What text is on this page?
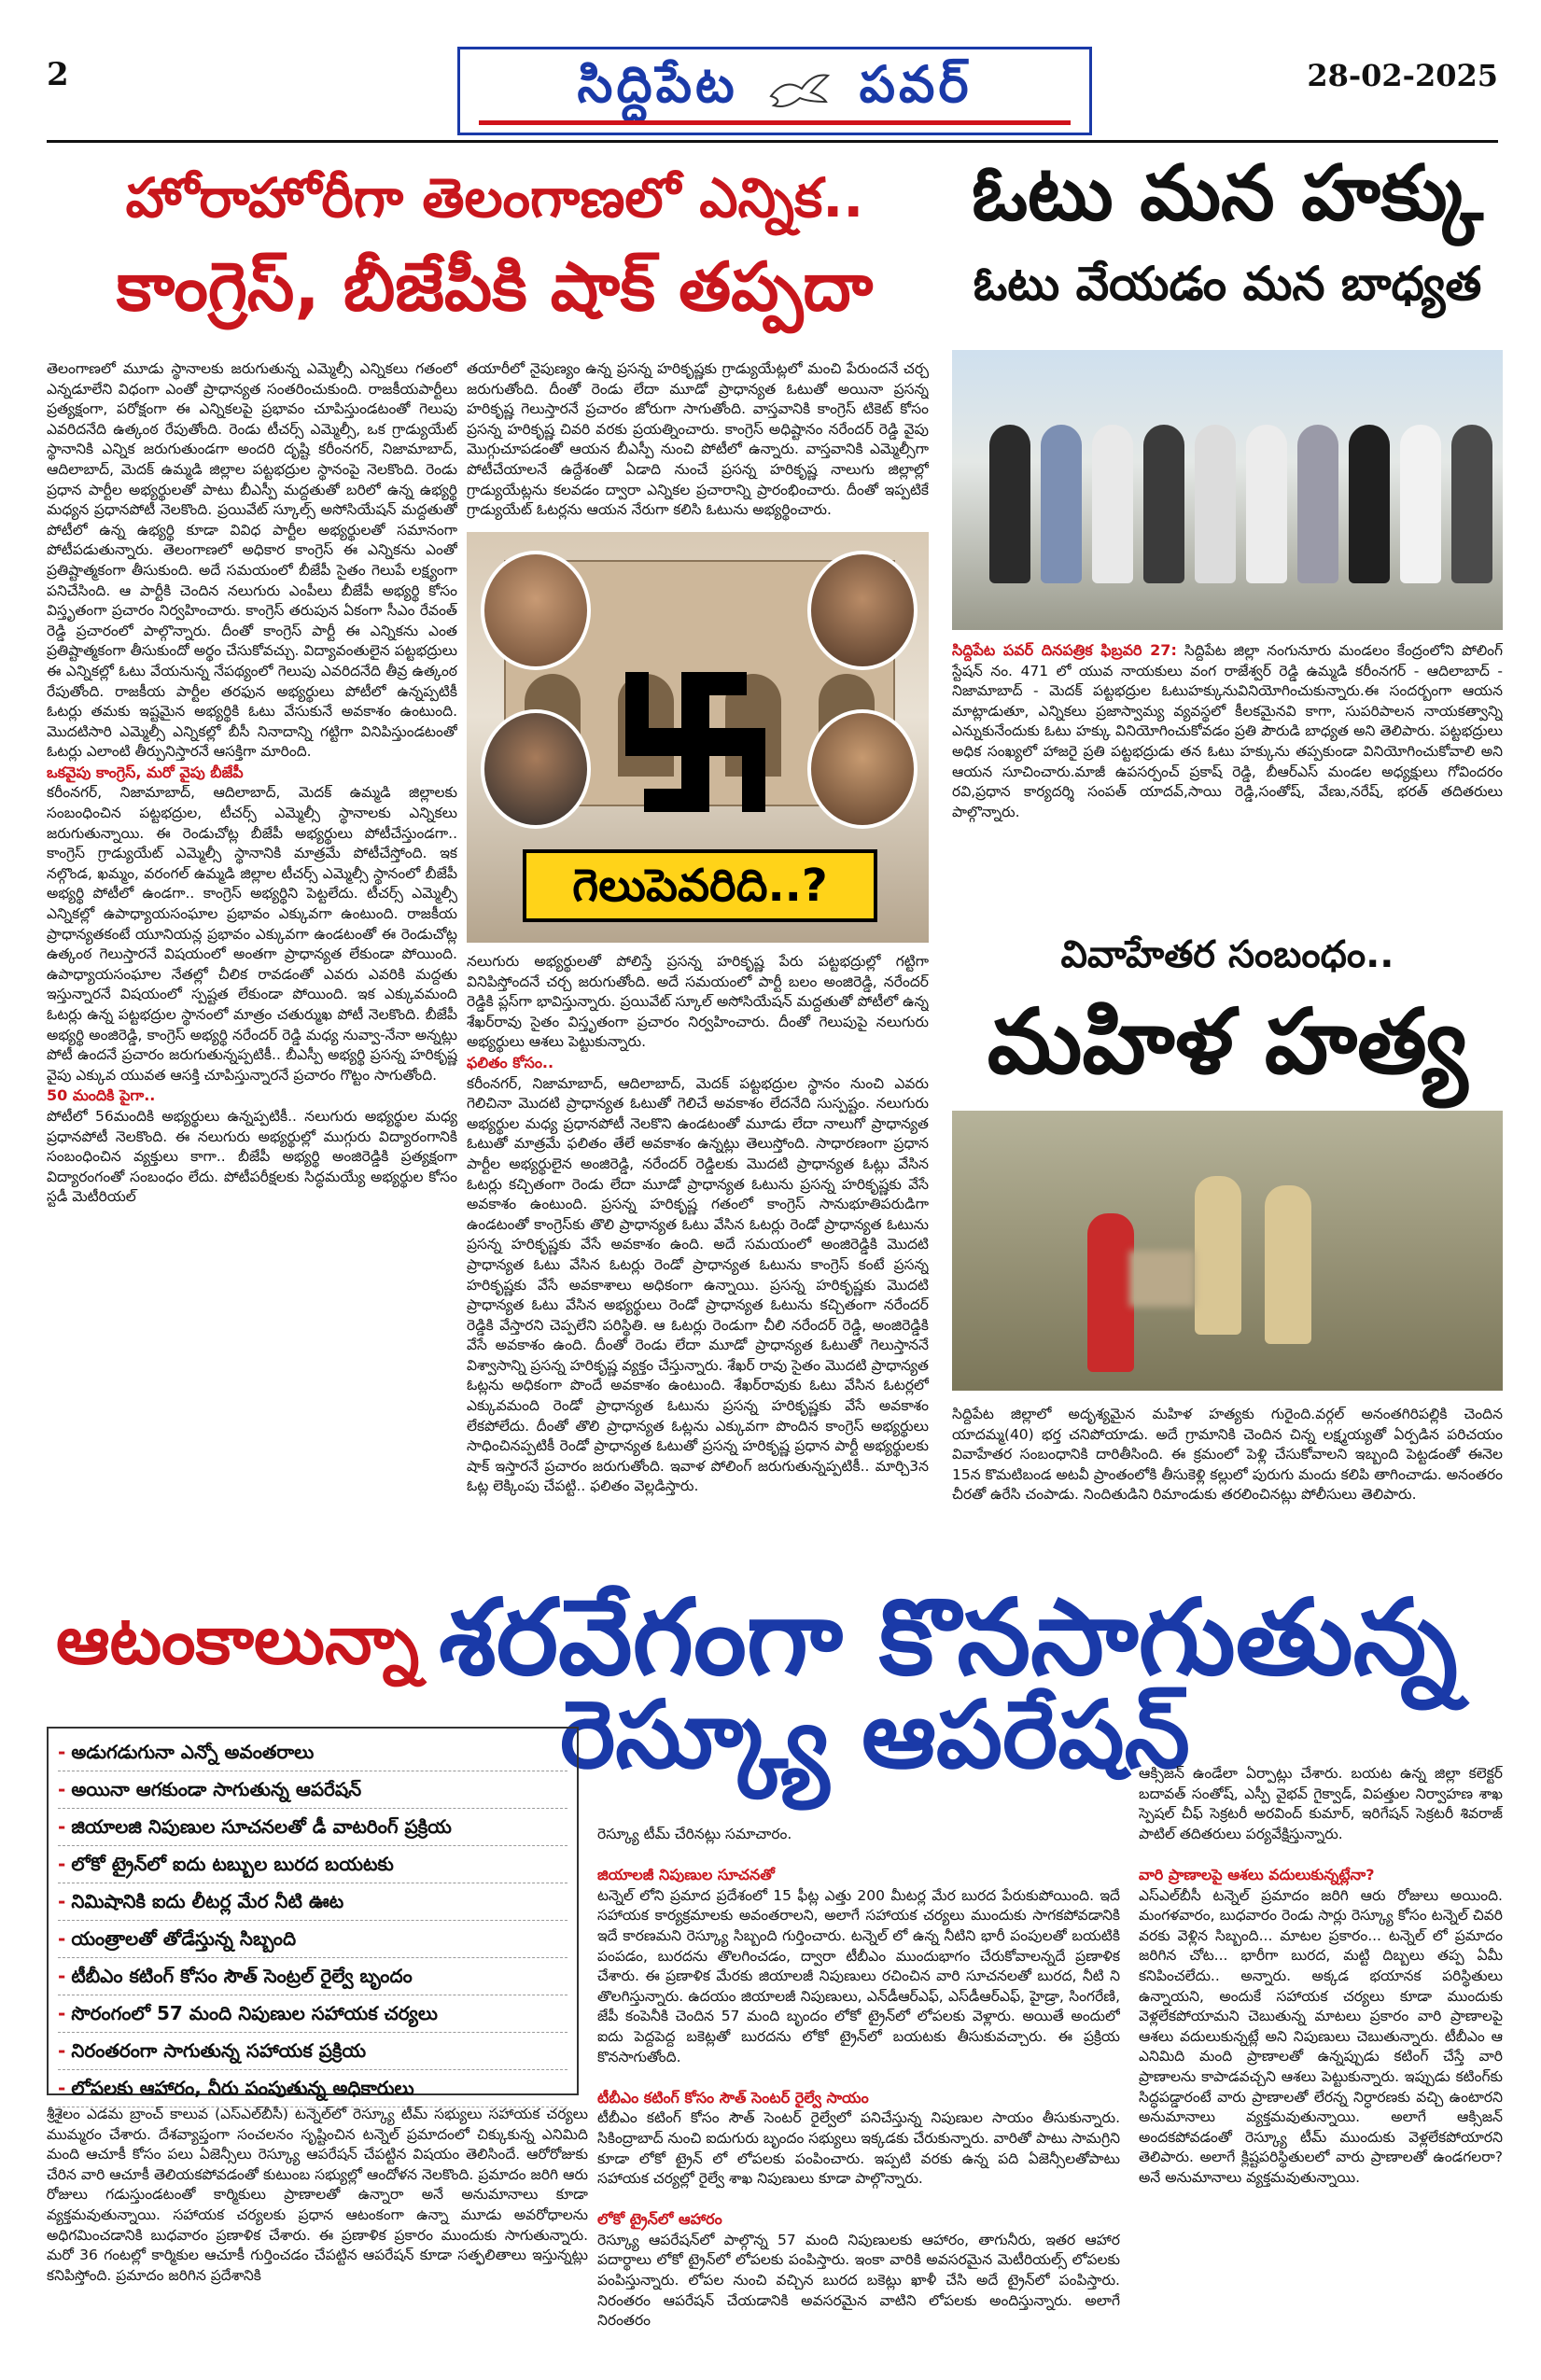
2	సిద్దిపేట పవర్	28-02-2025
హోరాహోరీగా తెలంగాణలో ఎన్నిక..
కాంగ్రెస్, బీజేపీకి షాక్ తప్పదా
ఓటు మన హక్కు
ఓటు వేయడం మన బాధ్యత
తెలంగాణలో మూడు స్థానాలకు జరుగుతున్న ఎమ్మెల్సీ ఎన్నికలు గతంలో ఎన్నడూలేని విధంగా ఎంతో ప్రాధాన్యత సంతరించుకుంది. రాజకీయపార్టీలు ప్రత్యక్షంగా, పరోక్షంగా ఈ ఎన్నికలపై ప్రభావం చూపిస్తుండటంతో గెలుపు ఎవరిదనేది ఉత్కంఠ రేపుతోంది. రెండు టీచర్స్ ఎమ్మెల్సీ, ఒక గ్రాడ్యుయేట్ స్థానానికి ఎన్నిక జరుగుతుండగా అందరి దృష్టి కరీంనగర్, నిజామాబాద్, ఆదిలాబాద్, మెదక్ ఉమ్మడి జిల్లాల పట్టభద్రుల స్థానంపై నెలకొంది. రెండు ప్రధాన పార్టీల అభ్యర్థులతో పాటు బీఎస్పీ మద్దతుతో బరిలో ఉన్న ఉభ్యర్థి మధ్యన ప్రధానపోటీ నెలకొంది. ప్రయివేట్ స్కూల్స్ అసోసియేషన్ మద్దతుతో పోటీలో ఉన్న ఉభ్యర్థి కూడా వివిధ పార్టీల అభ్యర్థులతో సమానంగా పోటీపడుతున్నారు. తెలంగాణలో అధికార కాంగ్రెస్ ఈ ఎన్నికను ఎంతో ప్రతిష్టాత్మకంగా తీసుకుంది. అదే సమయంలో బీజేపీ సైతం గెలుపే లక్ష్యంగా పనిచేసింది. ఆ పార్టీకి చెందిన నలుగురు ఎంపీలు బీజేపీ అభ్యర్థి కోసం విస్తృతంగా ప్రచారం నిర్వహించారు. కాంగ్రెస్ తరుపున ఏకంగా సీఎం రేవంత్ రెడ్డి ప్రచారంలో పాల్గొన్నారు. దీంతో కాంగ్రెస్ పార్టీ ఈ ఎన్నికను ఎంత ప్రతిష్టాత్మకంగా తీసుకుందో అర్థం చేసుకోవచ్చు. విద్యావంతులైన పట్టభద్రులు ఈ ఎన్నికల్లో ఓటు వేయనున్న నేపథ్యంలో గెలుపు ఎవరిదనేది తీవ్ర ఉత్కంఠ రేపుతోంది. రాజకీయ పార్టీల తరఫున అభ్యర్థులు పోటీలో ఉన్నప్పటికీ ఓటర్లు తమకు ఇష్టమైన అభ్యర్థికి ఓటు వేసుకునే అవకాశం ఉంటుంది. మొదటిసారి ఎమ్మెల్సీ ఎన్నికల్లో బీసీ నినాదాన్ని గట్టిగా వినిపిస్తుండటంతో ఓటర్లు ఎలాంటి తీర్పునిస్తారనే ఆసక్తిగా మారింది.
ఒకవైపు కాంగ్రెస్, మరో వైపు బీజేపీ
కరీంనగర్, నిజామాబాద్, ఆదిలాబాద్, మెదక్ ఉమ్మడి జిల్లాలకు సంబంధించిన పట్టభద్రుల, టీచర్స్ ఎమ్మెల్సీ స్థానాలకు ఎన్నికలు జరుగుతున్నాయి. ఈ రెండుచోట్ల బీజేపీ అభ్యర్థులు పోటీచేస్తుండగా.. కాంగ్రెస్ గ్రాడ్యుయేట్ ఎమ్మెల్సీ స్థానానికి మాత్రమే పోటీచేస్తోంది. ఇక నల్గొండ, ఖమ్మం, వరంగల్ ఉమ్మడి జిల్లాల టీచర్స్ ఎమ్మెల్సీ స్థానంలో బీజేపీ అభ్యర్థి పోటీలో ఉండగా.. కాంగ్రెస్ అభ్యర్థిని పెట్టలేదు. టీచర్స్ ఎమ్మెల్సీ ఎన్నికల్లో ఉపాధ్యాయసంఘాల ప్రభావం ఎక్కువగా ఉంటుంది. రాజకీయ ప్రాధాన్యతకంటే యూనియన్ల ప్రభావం ఎక్కువగా ఉండటంతో ఈ రెండుచోట్ల ఉత్కంఠ గెలుస్తారనే విషయంలో అంతగా ప్రాధాన్యత లేకుండా పోయింది. ఉపాధ్యాయసంఘాల నేతల్లో చీలిక రావడంతో ఎవరు ఎవరికి మద్దతు ఇస్తున్నారనే విషయంలో స్పష్టత లేకుండా పోయింది. ఇక ఎక్కువమంది ఓటర్లు ఉన్న పట్టభద్రుల స్థానంలో మాత్రం చతుర్ముఖ పోటీ నెలకొంది. బీజేపీ అభ్యర్థి అంజిరెడ్డి, కాంగ్రెస్ అభ్యర్థి నరేందర్ రెడ్డి మధ్య నువ్వా-నేనా అన్నట్లు పోటీ ఉందనే ప్రచారం జరుగుతున్నప్పటికీ.. బీఎస్పీ అభ్యర్థి ప్రసన్న హరికృష్ణ వైపు ఎక్కువ యువత ఆసక్తి చూపిస్తున్నారనే ప్రచారం గొట్టం సాగుతోంది.
50 మందికి పైగా..
పోటీలో 56మందికి అభ్యర్థులు ఉన్నప్పటికీ.. నలుగురు అభ్యర్థుల మధ్య ప్రధానపోటీ నెలకొంది. ఈ నలుగురు అభ్యర్థుల్లో ముగ్గురు విద్యారంగానికి సంబంధించిన వ్యక్తులు కాగా.. బీజేపీ అభ్యర్థి అంజిరెడ్డికి ప్రత్యక్షంగా విద్యారంగంతో సంబంధం లేదు. పోటీపరీక్షలకు సిద్ధమయ్యే అభ్యర్థుల కోసం స్టడీ మెటీరియల్
తయారీలో నైపుణ్యం ఉన్న ప్రసన్న హరికృష్ణకు గ్రాడ్యుయేట్లలో మంచి పేరుందనే చర్చ జరుగుతోంది. దీంతో రెండు లేదా మూడో ప్రాధాన్యత ఓటుతో అయినా ప్రసన్న హరికృష్ణ గెలుస్తారనే ప్రచారం జోరుగా సాగుతోంది. వాస్తవానికి కాంగ్రెస్ టికెట్ కోసం ప్రసన్న హరికృష్ణ చివరి వరకు ప్రయత్నించారు. కాంగ్రెస్ అధిష్టానం నరేందర్ రెడ్డి వైపు మొగ్గుచూపడంతో ఆయన బీఎస్పీ నుంచి పోటీలో ఉన్నారు. వాస్తవానికి ఎమ్మెల్సీగా పోటీచేయాలనే ఉద్దేశంతో ఏడాది నుంచే ప్రసన్న హరికృష్ణ నాలుగు జిల్లాల్లో గ్రాడ్యుయేట్లను కలవడం ద్వారా ఎన్నికల ప్రచారాన్ని ప్రారంభించారు. దీంతో ఇప్పటికే గ్రాడ్యుయేట్ ఓటర్లను ఆయన నేరుగా కలిసి ఓటును అభ్యర్థించారు.
గెలుపెవరిది..?
నలుగురు అభ్యర్థులతో పోలిస్తే ప్రసన్న హరికృష్ణ పేరు పట్టభద్రుల్లో గట్టిగా వినిపిస్తోందనే చర్చ జరుగుతోంది. అదే సమయంలో పార్టీ బలం అంజిరెడ్డి, నరేందర్ రెడ్డికి ప్లస్‌గా భావిస్తున్నారు. ప్రయివేట్ స్కూల్ అసోసియేషన్ మద్దతుతో పోటీలో ఉన్న శేఖర్‌రావు సైతం విస్తృతంగా ప్రచారం నిర్వహించారు. దీంతో గెలుపుపై నలుగురు అభ్యర్థులు ఆశలు పెట్టుకున్నారు.
ఫలితం కోసం..
కరీంనగర్, నిజామాబాద్, ఆదిలాబాద్, మెదక్ పట్టభద్రుల స్థానం నుంచి ఎవరు గెలిచినా మొదటి ప్రాధాన్యత ఓటుతో గెలిచే అవకాశం లేదనేది సుస్పష్టం. నలుగురు అభ్యర్థుల మధ్య ప్రధానపోటీ నెలకొని ఉండటంతో మూడు లేదా నాలుగో ప్రాధాన్యత ఓటుతో మాత్రమే ఫలితం తేలే అవకాశం ఉన్నట్లు తెలుస్తోంది. సాధారణంగా ప్రధాన పార్టీల అభ్యర్థులైన అంజిరెడ్డి, నరేందర్ రెడ్డిలకు మొదటి ప్రాధాన్యత ఓట్లు వేసిన ఓటర్లు కచ్చితంగా రెండు లేదా మూడో ప్రాధాన్యత ఓటును ప్రసన్న హరికృష్ణకు వేసే అవకాశం ఉంటుంది. ప్రసన్న హరికృష్ణ గతంలో కాంగ్రెస్ సానుభూతిపరుడిగా ఉండటంతో కాంగ్రెస్‌కు తొలి ప్రాధాన్యత ఓటు వేసిన ఓటర్లు రెండో ప్రాధాన్యత ఓటును ప్రసన్న హరికృష్ణకు వేసే అవకాశం ఉంది. అదే సమయంలో అంజిరెడ్డికి మొదటి ప్రాధాన్యత ఓటు వేసిన ఓటర్లు రెండో ప్రాధాన్యత ఓటును కాంగ్రెస్ కంటే ప్రసన్న హరికృష్ణకు వేసే అవకాశాలు అధికంగా ఉన్నాయి. ప్రసన్న హరికృష్ణకు మొదటి ప్రాధాన్యత ఓటు వేసిన అభ్యర్థులు రెండో ప్రాధాన్యత ఓటును కచ్చితంగా నరేందర్ రెడ్డికి వేస్తారని చెప్పలేని పరిస్థితి. ఆ ఓటర్లు రెండుగా చీలి నరేందర్ రెడ్డి, అంజిరెడ్డికి వేసే అవకాశం ఉంది. దీంతో రెండు లేదా మూడో ప్రాధాన్యత ఓటుతో గెలుస్తాననే విశ్వాసాన్ని ప్రసన్న హరికృష్ణ వ్యక్తం చేస్తున్నారు. శేఖర్ రావు సైతం మొదటి ప్రాధాన్యత ఓట్లను అధికంగా పొందే అవకాశం ఉంటుంది. శేఖర్‌రావుకు ఓటు వేసిన ఓటర్లలో ఎక్కువమంది రెండో ప్రాధాన్యత ఓటును ప్రసన్న హరికృష్ణకు వేసే అవకాశం లేకపోలేదు. దీంతో తొలి ప్రాధాన్యత ఓట్లను ఎక్కువగా పొందిన కాంగ్రెస్ అభ్యర్థులు సాధించినప్పటికీ రెండో ప్రాధాన్యత ఓటుతో ప్రసన్న హరికృష్ణ ప్రధాన పార్టీ అభ్యర్థులకు షాక్ ఇస్తారనే ప్రచారం జరుగుతోంది. ఇవాళ పోలింగ్ జరుగుతున్నప్పటికీ.. మార్చి3న ఓట్ల లెక్కింపు చేపట్టి.. ఫలితం వెల్లడిస్తారు.
సిద్దిపేట పవర్ దినపత్రిక ఫిబ్రవరి 27: సిద్దిపేట జిల్లా నంగునూరు మండలం కేంద్రంలోని పోలింగ్ స్టేషన్ నం. 471 లో యువ నాయకులు వంగ రాజేశ్వర్ రెడ్డి ఉమ్మడి కరీంనగర్ - ఆదిలాబాద్ - నిజామాబాద్ - మెదక్ పట్టభద్రుల ఓటుహక్కునువినియోగించుకున్నారు.ఈ సందర్బంగా ఆయన మాట్లాడుతూ, ఎన్నికలు ప్రజాస్వామ్య వ్యవస్థలో కీలకమైనవి కాగా, సుపరిపాలన నాయకత్వాన్ని ఎన్నుకునేందుకు ఓటు హక్కు వినియోగించుకోవడం ప్రతి పౌరుడి బాధ్యత అని తెలిపారు. పట్టభద్రులు అధిక సంఖ్యలో హాజరై ప్రతి పట్టభద్రుడు తన ఓటు హక్కును తప్పకుండా వినియోగించుకోవాలి అని ఆయన సూచించారు.మాజీ ఉపసర్పంచ్ ప్రకాష్ రెడ్డి, బీఆర్ఎస్ మండల అధ్యక్షులు గోవిందరం రవి,ప్రధాన కార్యదర్శి సంపత్ యాదవ్,సాయి రెడ్డి,సంతోష్, వేణు,నరేష్, భరత్ తదితరులు పాల్గొన్నారు.
వివాహేతర సంబంధం..
మహిళ హత్య
సిద్దిపేట జిల్లాలో అదృశ్యమైన మహిళ హత్యకు గురైంది.వర్గల్ అనంతగిరిపల్లికి చెందిన యాదమ్మ(40) భర్త చనిపోయాడు. అదే గ్రామానికి చెందిన చిన్న లక్ష్మయ్యతో ఏర్పడిన పరిచయం వివాహేతర సంబంధానికి దారితీసింది. ఈ క్రమంలో పెళ్లి చేసుకోవాలని ఇబ్బంది పెట్టడంతో ఈనెల 15న కొమటిబండ అటవీ ప్రాంతంలోకి తీసుకెళ్లి కల్లులో పురుగు మందు కలిపి తాగించాడు. అనంతరం చీరతో ఉరేసి చంపాడు. నిందితుడిని రిమాండుకు తరలించినట్లు పోలీసులు తెలిపారు.
ఆటంకాలున్నా శరవేగంగా కొనసాగుతున్న
రెస్క్యూ ఆపరేషన్
- అడుగడుగునా ఎన్నో అవంతరాలు
- అయినా ఆగకుండా సాగుతున్న ఆపరేషన్
- జియాలజి నిపుణుల సూచనలతో డీ వాటరింగ్ ప్రక్రియ
- లోకో ట్రైన్‌లో ఐదు టబ్బుల బురద బయటకు
- నిమిషానికి ఐదు లీటర్ల మేర నీటి ఊట
- యంత్రాలతో తోడేస్తున్న సిబ్బంది
- టీబీఎం కటింగ్ కోసం సౌత్ సెంట్రల్ రైల్వే బృందం
- సొరంగంలో 57 మంది నిపుణుల సహాయక చర్యలు
- నిరంతరంగా సాగుతున్న సహాయక ప్రక్రియ
- లోపలకు ఆహారం, నీరు పంపుతున్న అధికారులు
శ్రీశైలం ఎడమ బ్రాంచ్ కాలువ (ఎస్ఎల్‌బీసీ) టన్నెల్‌లో రెస్క్యూ టీమ్ సభ్యులు సహాయక చర్యలు ముమ్మరం చేశారు. దేశవ్యాప్తంగా సంచలనం సృష్టించిన టన్నెల్ ప్రమాదంలో చిక్కుకున్న ఎనిమిది మంది ఆచూకీ కోసం పలు ఏజెన్సీలు రెస్క్యూ ఆపరేషన్ చేపట్టిన విషయం తెలిసిందే. ఆరోరోజుకు చేరిన వారి ఆచూకీ తెలియకపోవడంతో కుటుంబ సభ్యుల్లో ఆందోళన నెలకొంది. ప్రమాదం జరిగి ఆరు రోజులు గడుస్తుండటంతో కార్మికులు ప్రాణాలతో ఉన్నారా అనే అనుమానాలు కూడా వ్యక్తమవుతున్నాయి. సహాయక చర్యలకు ప్రధాన ఆటంకంగా ఉన్నా మూడు అవరోధాలను అధిగమించడానికి బుధవారం ప్రణాళిక చేశారు. ఈ ప్రణాళిక ప్రకారం ముందుకు సాగుతున్నారు. మరో 36 గంటల్లో కార్మికుల ఆచూకీ గుర్తించడం చేపట్టిన ఆపరేషన్ కూడా సత్ఫలితాలు ఇస్తున్నట్లు కనిపిస్తోంది. ప్రమాదం జరిగిన ప్రదేశానికి
రెస్క్యూ టీమ్ చేరినట్లు సమాచారం.

జియాలజీ నిపుణుల సూచనతో
టన్నెల్ లోని ప్రమాద ప్రదేశంలో 15 ఫీట్ల ఎత్తు 200 మీటర్ల మేర బురద పేరుకుపోయింది. ఇదే సహాయక కార్యక్రమాలకు అవంతరాలని, అలాగే సహాయక చర్యలు ముందుకు సాగకపోవడానికి ఇదే కారణమని రెస్క్యూ సిబ్బంది గుర్తించారు. టన్నెల్ లో ఉన్న నీటిని భారీ పంపులతో బయటికి పంపడం, బురదను తొలగించడం, ద్వారా టీబీఎం ముందుభాగం చేరుకోవాలన్నదే ప్రణాళిక చేశారు. ఈ ప్రణాళిక మేరకు జియాలజీ నిపుణులు రచించిన వారి సూచనలతో బురద, నీటి ని తొలగిస్తున్నారు. ఉదయం జియాలజీ నిపుణులు, ఎన్‌డీఆర్ఎఫ్, ఎస్‌డీఆర్ఎఫ్, హైడ్రా, సింగరేణి, జేపీ కంపెనీకి చెందిన 57 మంది బృందం లోకో ట్రైన్‌లో లోపలకు వెళ్లారు. అయితే అందులో ఐదు పెద్దపెద్ద బకెట్లతో బురదను లోకో ట్రైన్‌లో బయటకు తీసుకువచ్చారు. ఈ ప్రక్రియ కొనసాగుతోంది.

టీబీఎం కటింగ్ కోసం సౌత్ సెంటర్ రైల్వే సాయం
టీబీఎం కటింగ్ కోసం సౌత్ సెంటర్ రైల్వేలో పనిచేస్తున్న నిపుణుల సాయం తీసుకున్నారు. సికింద్రాబాద్ నుంచి ఐదుగురు బృందం సభ్యులు ఇక్కడకు చేరుకున్నారు. వారితో పాటు సామగ్రిని కూడా లోకో ట్రైన్ లో లోపలకు పంపించారు. ఇప్పటి వరకు ఉన్న పది ఏజెన్సీలతోపాటు సహాయక చర్యల్లో రైల్వే శాఖ నిపుణులు కూడా పాల్గొన్నారు.

లోకో ట్రైన్‌లో ఆహారం
రెస్క్యూ ఆపరేషన్‌లో పాల్గొన్న 57 మంది నిపుణులకు ఆహారం, తాగునీరు, ఇతర ఆహార పదార్థాలు లోకో ట్రైన్‌లో లోపలకు పంపిస్తారు. ఇంకా వారికి అవసరమైన మెటీరియల్స్ లోపలకు పంపిస్తున్నారు. లోపల నుంచి వచ్చిన బురద బకెట్లు ఖాళీ చేసి అదే ట్రైన్‌లో పంపిస్తారు. నిరంతరం ఆపరేషన్ చేయడానికి అవసరమైన వాటిని లోపలకు అందిస్తున్నారు. అలాగే నిరంతరం
ఆక్సిజన్ ఉండేలా ఏర్పాట్లు చేశారు. బయట ఉన్న జిల్లా కలెక్టర్ బదావత్ సంతోష్, ఎస్పీ వైభవ్ గైక్వాడ్, విపత్తుల నిర్వాహణ శాఖ స్పెషల్ చీఫ్ సెక్రటరీ అరవింద్ కుమార్, ఇరిగేషన్ సెక్రటరీ శివరాజ్ పాటిల్ తదితరులు పర్యవేక్షిస్తున్నారు.

వారి ప్రాణాలపై ఆశలు వదులుకున్నట్లేనా?
ఎస్ఎల్‌బీసీ టన్నెల్ ప్రమాదం జరిగి ఆరు రోజులు అయింది. మంగళవారం, బుధవారం రెండు సార్లు రెస్క్యూ కోసం టన్నెల్ చివరి వరకు వెళ్లిన సిబ్బంది... మాటల ప్రకారం... టన్నెల్ లో ప్రమాదం జరిగిన చోట... భారీగా బురద, మట్టి దిబ్బలు తప్ప ఏమీ కనిపించలేదు.. అన్నారు. అక్కడ భయానక పరిస్థితులు ఉన్నాయని, అందుకే సహాయక చర్యలు కూడా ముందుకు వెళ్లలేకపోయామని చెబుతున్న మాటలు ప్రకారం వారి ప్రాణాలపై ఆశలు వదులుకున్నట్లే అని నిపుణులు చెబుతున్నారు. టీబీఎం ఆ ఎనిమిది మంది ప్రాణాలతో ఉన్నప్పుడు కటింగ్ చేస్తే వారి ప్రాణాలను కాపాడవచ్చని ఆశలు పెట్టుకున్నారు. ఇప్పుడు కటింగ్‌కు సిద్ధపడ్డారంటే వారు ప్రాణాలతో లేరన్న నిర్ధారణకు వచ్చి ఉంటారని అనుమానాలు వ్యక్తమవుతున్నాయి. అలాగే ఆక్సిజన్ అందకపోవడంతో రెస్క్యూ టీమ్ ముందుకు వెళ్లలేకపోయారని తెలిపారు. అలాగే క్లిష్టపరిస్థితులలో వారు ప్రాణాలతో ఉండగలరా? అనే అనుమానాలు వ్యక్తమవుతున్నాయి.
